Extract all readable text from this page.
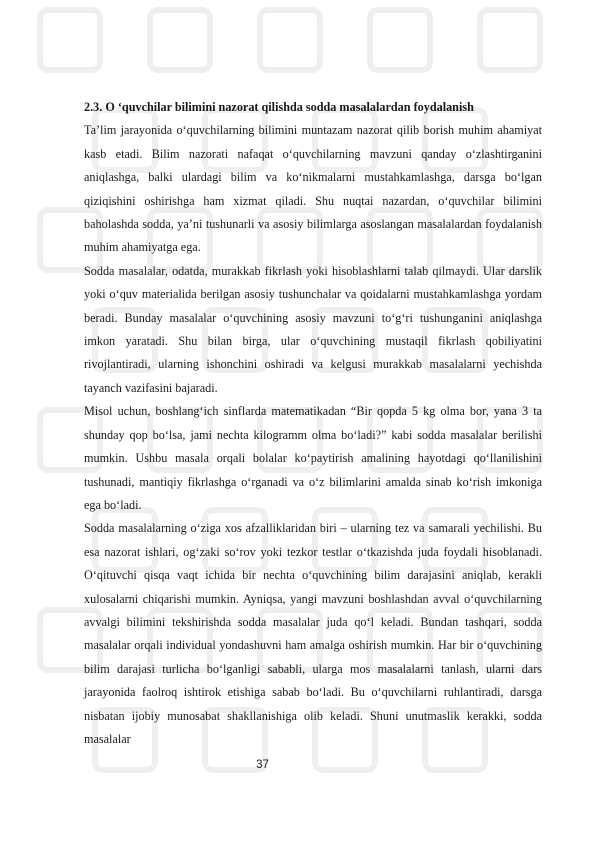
2.3. O ‘quvchilar bilimini nazorat qilishda sodda masalalardan foydalanish

Ta’lim jarayonida o‘quvchilarning bilimini muntazam nazorat qilib borish muhim ahamiyat kasb etadi. Bilim nazorati nafaqat o‘quvchilarning mavzuni qanday o‘zlashtirganini aniqlashga, balki ulardagi bilim va ko‘nikmalarni mustahkamlashga, darsga bo‘lgan qiziqishini oshirishga ham xizmat qiladi. Shu nuqtai nazardan, o‘quvchilar bilimini baholashda sodda, ya’ni tushunarli va asosiy bilimlarga asoslangan masalalardan foydalanish muhim ahamiyatga ega.

Sodda masalalar, odatda, murakkab fikrlash yoki hisoblashlarni talab qilmaydi. Ular darslik yoki o‘quv materialida berilgan asosiy tushunchalar va qoidalarni mustahkamlashga yordam beradi. Bunday masalalar o‘quvchining asosiy mavzuni to‘g‘ri tushunganini aniqlashga imkon yaratadi. Shu bilan birga, ular o‘quvchining mustaqil fikrlash qobiliyatini rivojlantiradi, ularning ishonchini oshiradi va kelgusi murakkab masalalarni yechishda tayanch vazifasini bajaradi.

Misol uchun, boshlang‘ich sinflarda matematikadan “Bir qopda 5 kg olma bor, yana 3 ta shunday qop bo‘lsa, jami nechta kilogramm olma bo‘ladi?” kabi sodda masalalar berilishi mumkin. Ushbu masala orqali bolalar ko‘paytirish amalining hayotdagi qo‘llanilishini tushunadi, mantiqiy fikrlashga o‘rganadi va o‘z bilimlarini amalda sinab ko‘rish imkoniga ega bo‘ladi.

Sodda masalalarning o‘ziga xos afzalliklaridan biri – ularning tez va samarali yechilishi. Bu esa nazorat ishlari, og‘zaki so‘rov yoki tezkor testlar o‘tkazishda juda foydali hisoblanadi. O‘qituvchi qisqa vaqt ichida bir nechta o‘quvchining bilim darajasini aniqlab, kerakli xulosalarni chiqarishi mumkin. Ayniqsa, yangi mavzuni boshlashdan avval o‘quvchilarning avvalgi bilimini tekshirishda sodda masalalar juda qo‘l keladi. Bundan tashqari, sodda masalalar orqali individual yondashuvni ham amalga oshirish mumkin. Har bir o‘quvchining bilim darajasi turlicha bo‘lganligi sababli, ularga mos masalalarni tanlash, ularni dars jarayonida faolroq ishtirok etishiga sabab bo‘ladi. Bu o‘quvchilarni ruhlantiradi, darsga nisbatan ijobiy munosabat shakllanishiga olib keladi. Shuni unutmaslik kerakki, sodda masalalar

37
